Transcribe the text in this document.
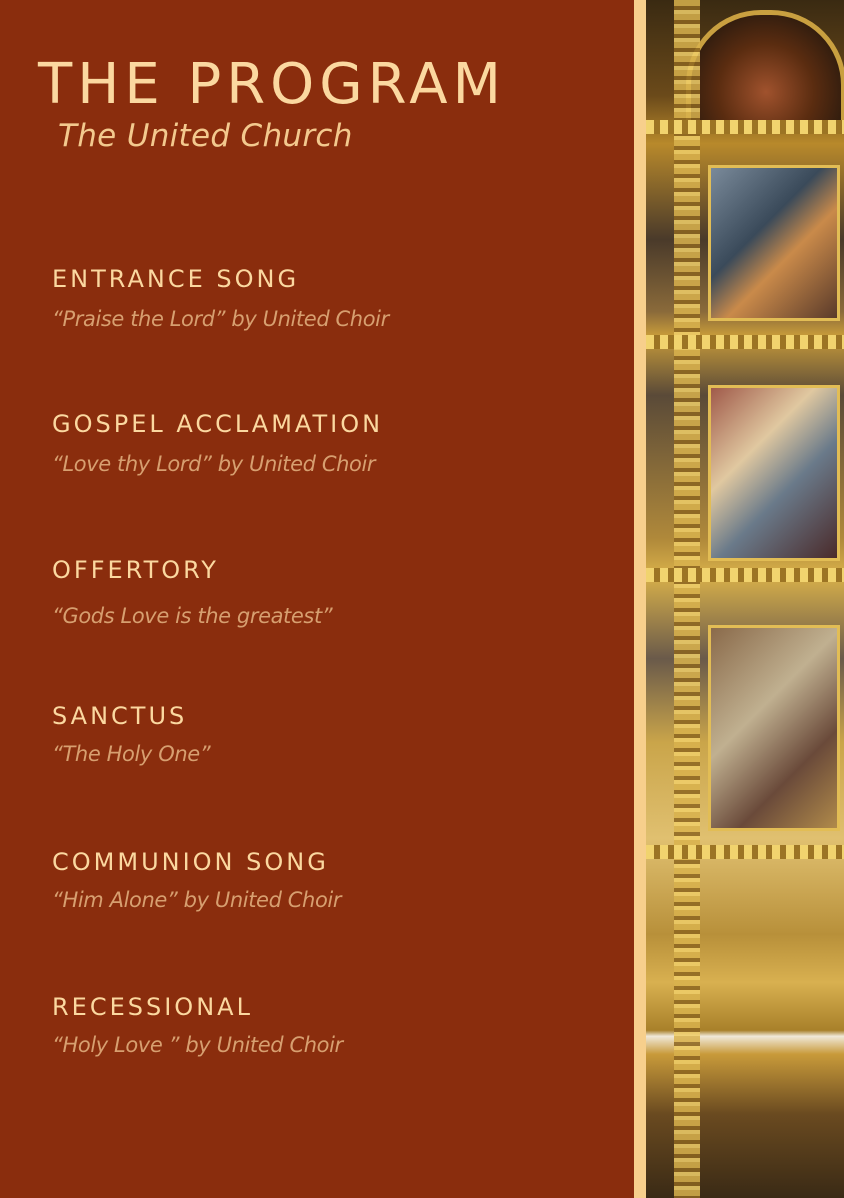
THE PROGRAM
The United Church
ENTRANCE SONG
“Praise the Lord” by United Choir
GOSPEL ACCLAMATION
“Love thy Lord” by United Choir
OFFERTORY
“Gods Love is the greatest”
SANCTUS
“The Holy One”
COMMUNION SONG
“Him Alone” by United Choir
RECESSIONAL
“Holy Love ” by United Choir
